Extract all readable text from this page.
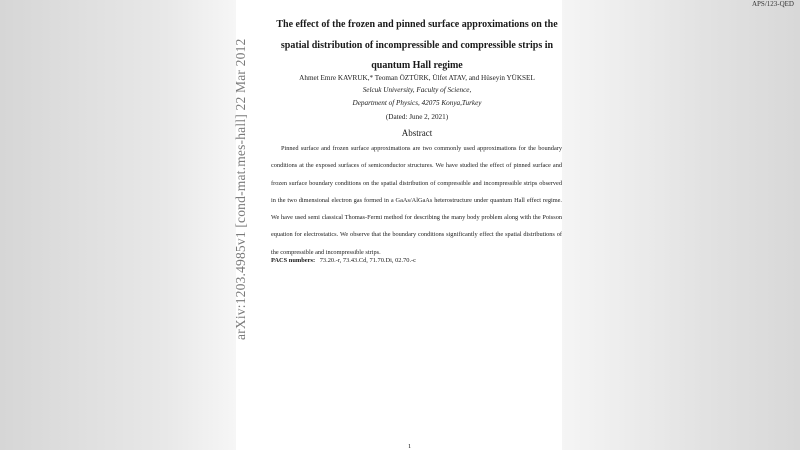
APS/123-QED
arXiv:1203.4985v1 [cond-mat.mes-hall] 22 Mar 2012
The effect of the frozen and pinned surface approximations on the
spatial distribution of incompressible and compressible strips in
quantum Hall regime
Ahmet Emre KAVRUK,* Teoman ÖZTÜRK, Ülfet ATAV, and Hüseyin YÜKSEL
Selcuk University, Faculty of Science,
Department of Physics, 42075 Konya,Turkey
(Dated: June 2, 2021)
Abstract
Pinned surface and frozen surface approximations are two commonly used approximations for the boundary conditions at the exposed surfaces of semiconductor structures. We have studied the effect of pinned surface and frozen surface boundary conditions on the spatial distribution of compressible and incompressible strips observed in the two dimensional electron gas formed in a GaAs/AlGaAs heterostructure under quantum Hall effect regime. We have used semi classical Thomas-Fermi method for describing the many body problem along with the Poisson equation for electrostatics. We observe that the boundary conditions significantly effect the spatial distributions of the compressible and incompressible strips.
PACS numbers: 73.20.-r, 73.43.Cd, 71.70.Di, 02.70.-c
1
